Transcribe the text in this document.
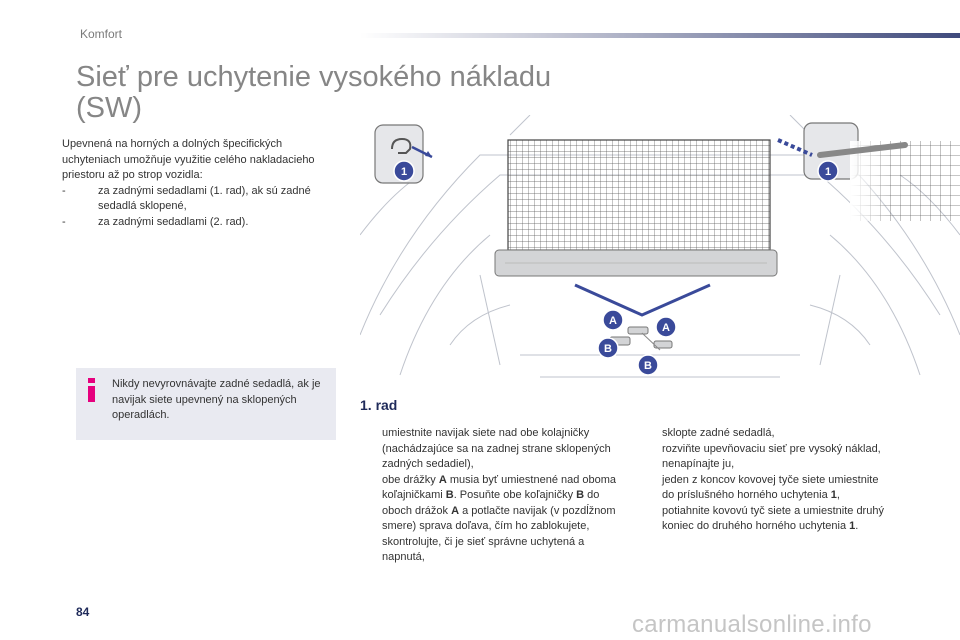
Komfort
Sieť pre uchytenie vysokého nákladu
(SW)

Upevnená na horných a dolných špecifických uchyteniach umožňuje využitie celého nakladacieho priestoru až po strop vozidla:

-	za zadnými sedadlami (1. rad), ak sú zadné sedadlá sklopené,
-	za zadnými sedadlami (2. rad).
Nikdy nevyrovnávajte zadné sedadlá, ak je navijak siete upevnený na sklopených operadlách.
1	1
A
A
B
B
1. rad
umiestnite navijak siete nad obe kolajničky (nachádzajúce sa na zadnej strane sklopených zadných sedadiel),
obe drážky A musia byť umiestnené nad oboma koľajničkami B. Posuňte obe koľajničky B do oboch drážok A a potlačte navijak (v pozdĺžnom smere) sprava doľava, čím ho zablokujete,
skontrolujte, či je sieť správne uchytená a napnutá,
sklopte zadné sedadlá,
rozviňte upevňovaciu sieť pre vysoký náklad, nenapínajte ju,
jeden z koncov kovovej tyče siete umiestnite do príslušného horného uchytenia 1,
potiahnite kovovú tyč siete a umiestnite druhý koniec do druhého horného uchytenia 1.
84	carmanualsonline.info
